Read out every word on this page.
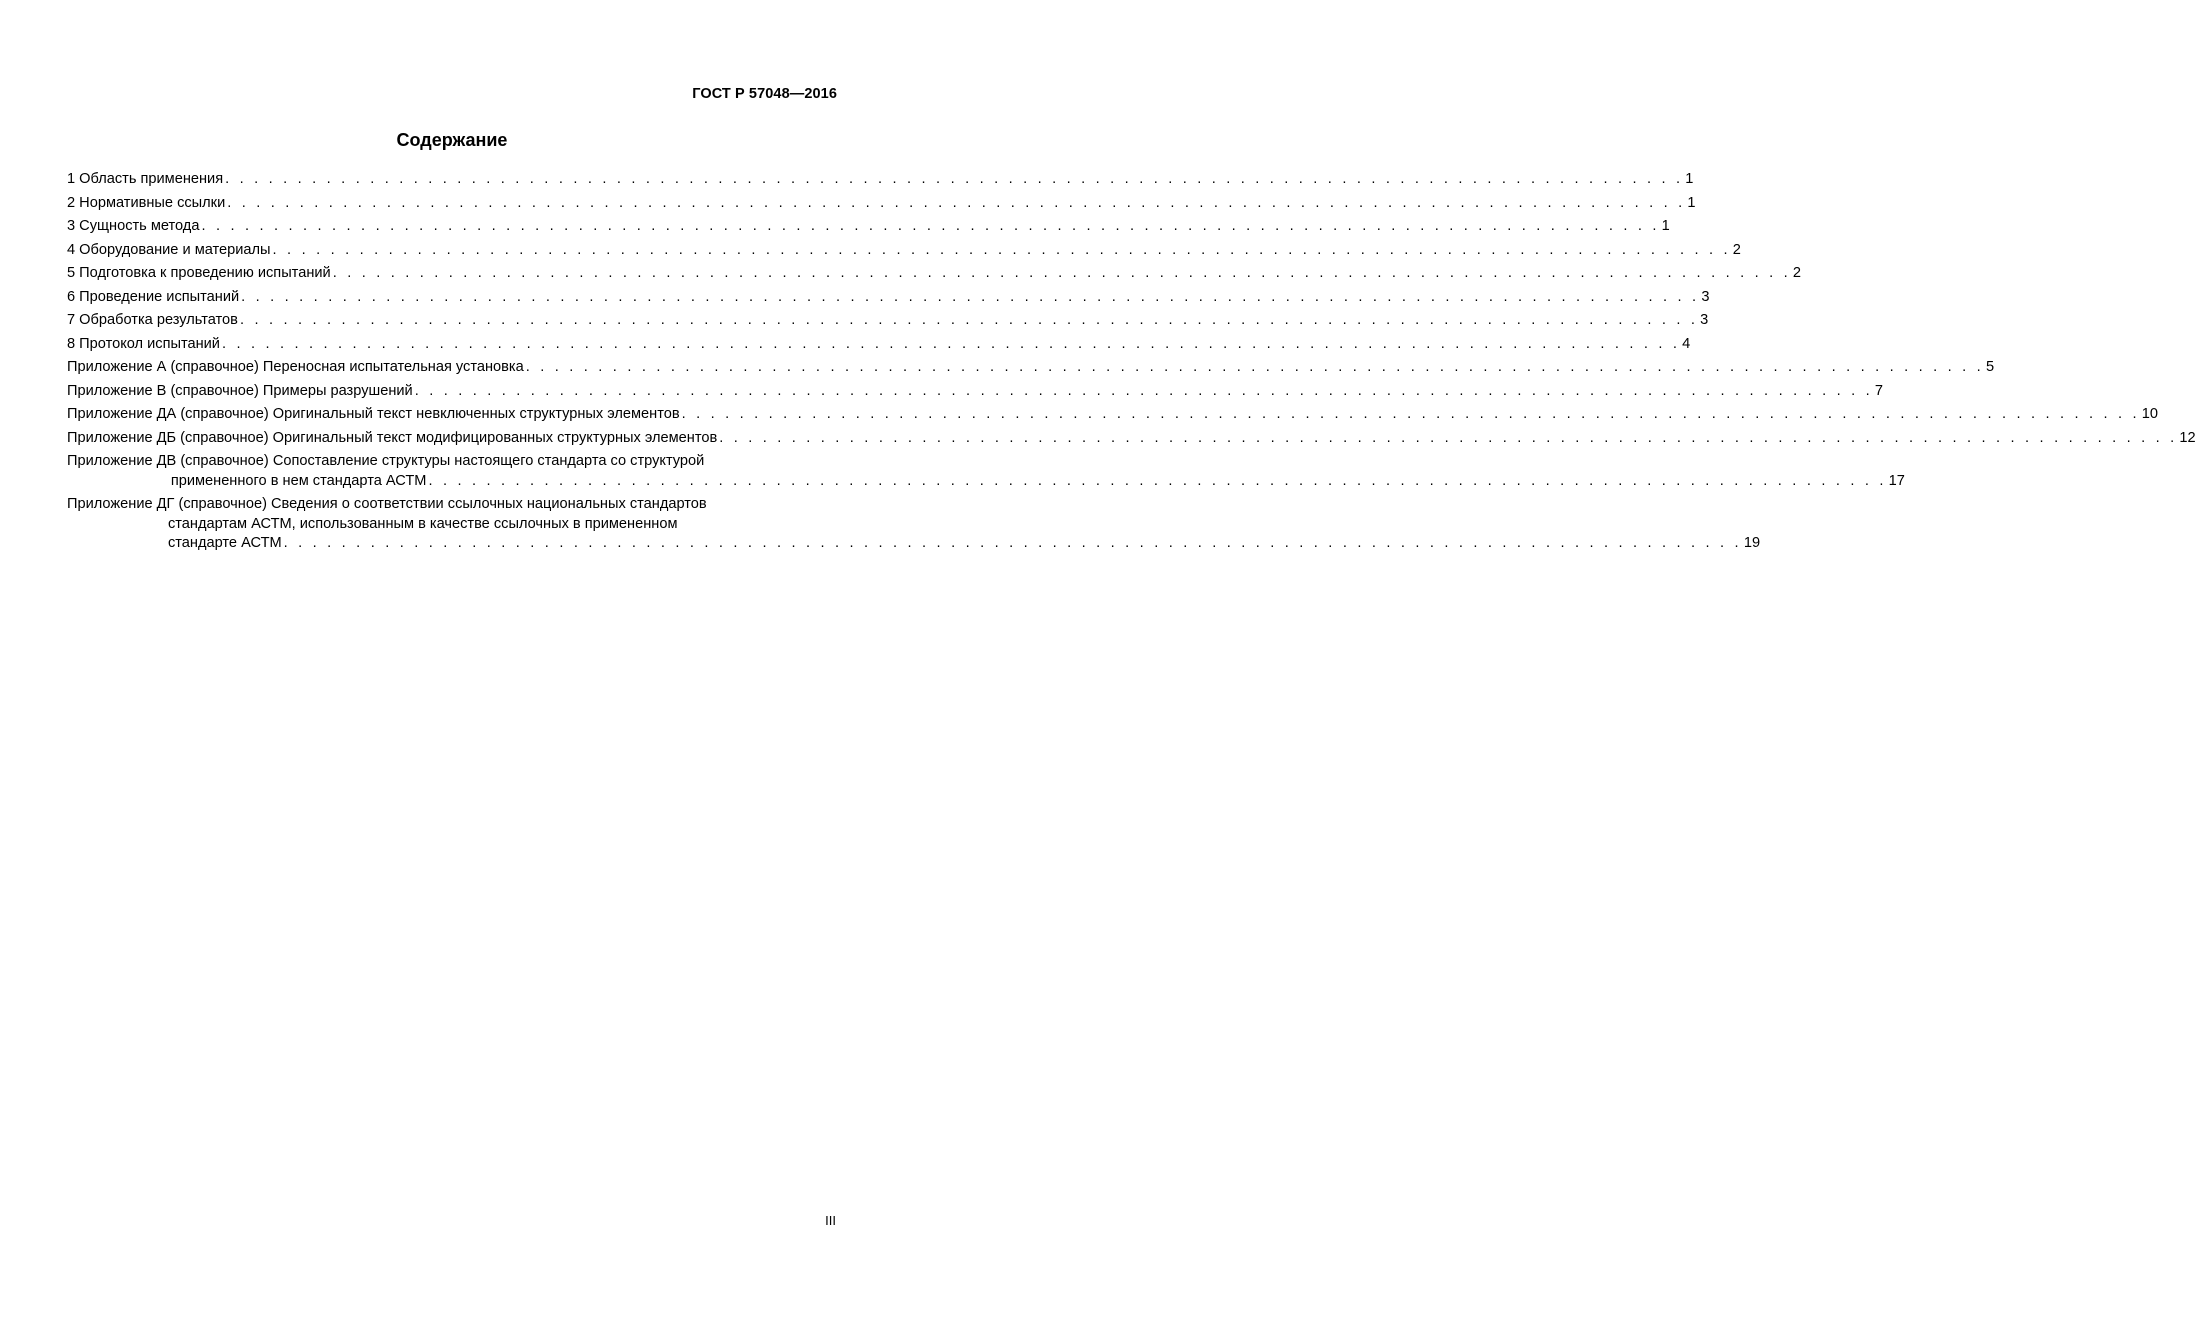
ГОСТ Р 57048—2016
Содержание
1 Область применения . . . . . . . . . . . . . . . . . . . . . . . . . . . . . . . . . . . . . . . . . . . . . . . . . . . . . . . . . . . . . . . . . . . . . . . . . . . . . . . . . . . . . . . . . . . . . . . . . . . . . 1
2 Нормативные ссылки . . . . . . . . . . . . . . . . . . . . . . . . . . . . . . . . . . . . . . . . . . . . . . . . . . . . . . . . . . . . . . . . . . . . . . . . . . . . . . . . . . . . . . . . . . . . . . . . . . . . . 1
3 Сущность метода . . . . . . . . . . . . . . . . . . . . . . . . . . . . . . . . . . . . . . . . . . . . . . . . . . . . . . . . . . . . . . . . . . . . . . . . . . . . . . . . . . . . . . . . . . . . . . . . . . . . . 1
4 Оборудование и материалы . . . . . . . . . . . . . . . . . . . . . . . . . . . . . . . . . . . . . . . . . . . . . . . . . . . . . . . . . . . . . . . . . . . . . . . . . . . . . . . . . . . . . . . . . . . . . . . . . . . . . 2
5 Подготовка к проведению испытаний . . . . . . . . . . . . . . . . . . . . . . . . . . . . . . . . . . . . . . . . . . . . . . . . . . . . . . . . . . . . . . . . . . . . . . . . . . . . . . . . . . . . . . . . . . . . . . . . . . . . . 2
6 Проведение испытаний . . . . . . . . . . . . . . . . . . . . . . . . . . . . . . . . . . . . . . . . . . . . . . . . . . . . . . . . . . . . . . . . . . . . . . . . . . . . . . . . . . . . . . . . . . . . . . . . . . . . . 3
7 Обработка результатов . . . . . . . . . . . . . . . . . . . . . . . . . . . . . . . . . . . . . . . . . . . . . . . . . . . . . . . . . . . . . . . . . . . . . . . . . . . . . . . . . . . . . . . . . . . . . . . . . . . . . 3
8 Протокол испытаний . . . . . . . . . . . . . . . . . . . . . . . . . . . . . . . . . . . . . . . . . . . . . . . . . . . . . . . . . . . . . . . . . . . . . . . . . . . . . . . . . . . . . . . . . . . . . . . . . . . . . 4
Приложение А (справочное) Переносная испытательная установка . . . . . . . . . . . . . . . . . . . . . . . . . . . . . . . . . . . . . . . . . . . . . . . . . . . . . . . . . . . . . . . . . . . . . . . . . . . . . . . . . . . . . . . . . . . . . . . . . . . . . 5
Приложение В (справочное) Примеры разрушений . . . . . . . . . . . . . . . . . . . . . . . . . . . . . . . . . . . . . . . . . . . . . . . . . . . . . . . . . . . . . . . . . . . . . . . . . . . . . . . . . . . . . . . . . . . . . . . . . . . . . 7
Приложение ДА (справочное) Оригинальный текст невключенных структурных элементов . . . . . . . . . . . . . . . . . . . . . . . . . . . . . . . . . . . . . . . . . . . . . . . . . . . . . . . . . . . . . . . . . . . . . . . . . . . . . . . . . . . . . . . . . . . . . . . . . . . . . 10
Приложение ДБ (справочное) Оригинальный текст модифицированных структурных элементов . . . . . . . . . . . . . . . . . . . . . . . . . . . . . . . . . . . . . . . . . . . . . . . . . . . . . . . . . . . . . . . . . . . . . . . . . . . . . . . . . . . . . . . . . . . . . . . . . . . . . 12
Приложение ДВ (справочное) Сопоставление структуры настоящего стандарта со структурой
примененного в нем стандарта АСТМ . . . . . . . . . . . . . . . . . . . . . . . . . . . . . . . . . . . . . . . . . . . . . . . . . . . . . . . . . . . . . . . . . . . . . . . . . . . . . . . . . . . . . . . . . . . . . . . . . . . . . 17
Приложение ДГ (справочное) Сведения о соответствии ссылочных национальных стандартов
стандартам АСТМ, использованным в качестве ссылочных в примененном
стандарте АСТМ . . . . . . . . . . . . . . . . . . . . . . . . . . . . . . . . . . . . . . . . . . . . . . . . . . . . . . . . . . . . . . . . . . . . . . . . . . . . . . . . . . . . . . . . . . . . . . . . . . . . . 19
III
